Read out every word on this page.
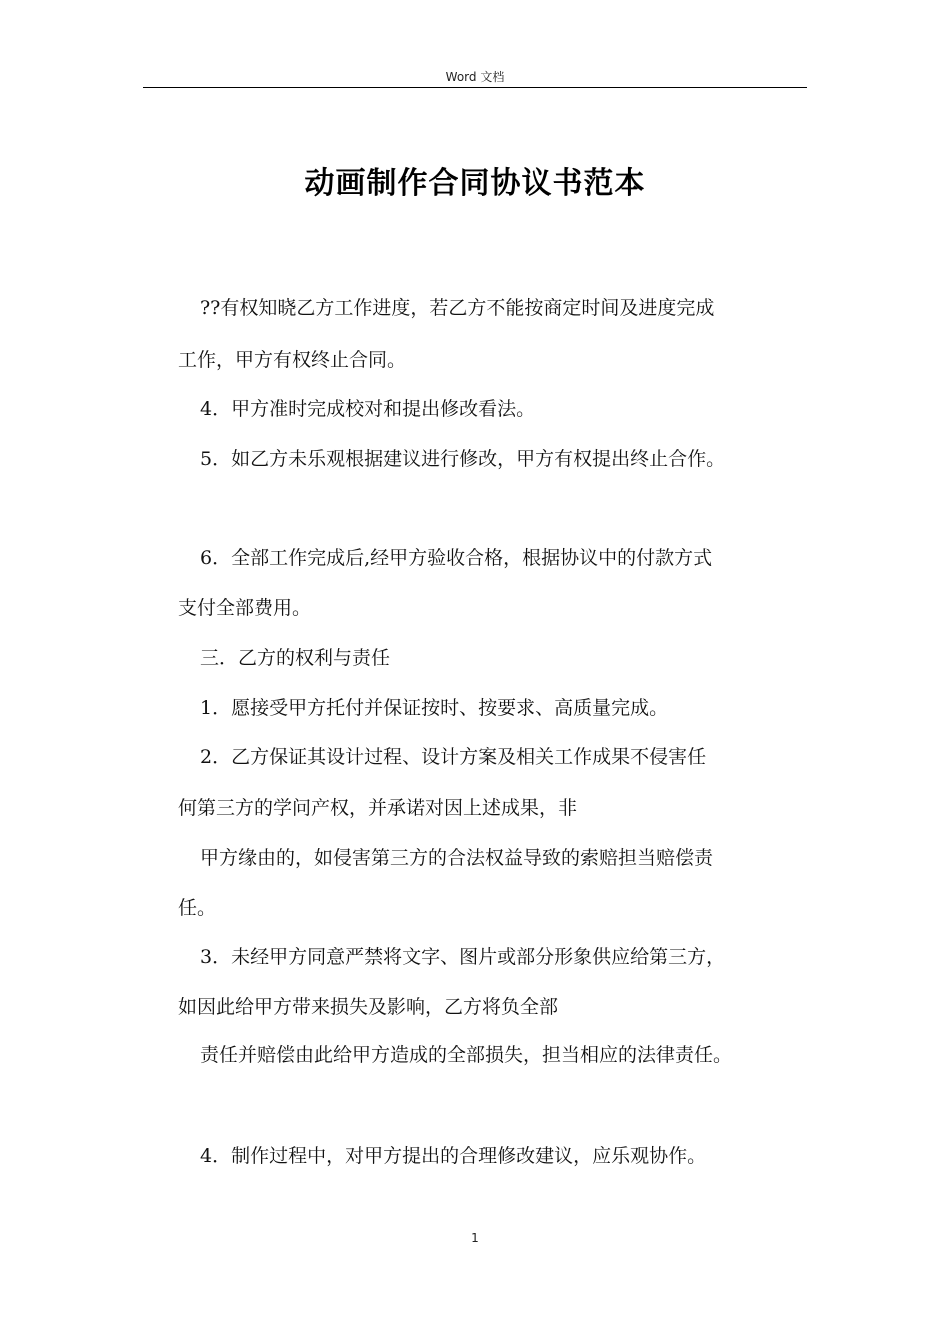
Word 文档
动画制作合同协议书范本
??有权知晓乙方工作进度，若乙方不能按商定时间及进度完成
工作，甲方有权终止合同。
4．甲方准时完成校对和提出修改看法。
5．如乙方未乐观根据建议进行修改，甲方有权提出终止合作。
6．全部工作完成后,经甲方验收合格，根据协议中的付款方式
支付全部费用。
三．乙方的权利与责任
1．愿接受甲方托付并保证按时、按要求、高质量完成。
2．乙方保证其设计过程、设计方案及相关工作成果不侵害任
何第三方的学问产权，并承诺对因上述成果，非
甲方缘由的，如侵害第三方的合法权益导致的索赔担当赔偿责
任。
3．未经甲方同意严禁将文字、图片或部分形象供应给第三方，
如因此给甲方带来损失及影响，乙方将负全部
责任并赔偿由此给甲方造成的全部损失，担当相应的法律责任。
4．制作过程中，对甲方提出的合理修改建议，应乐观协作。
1
